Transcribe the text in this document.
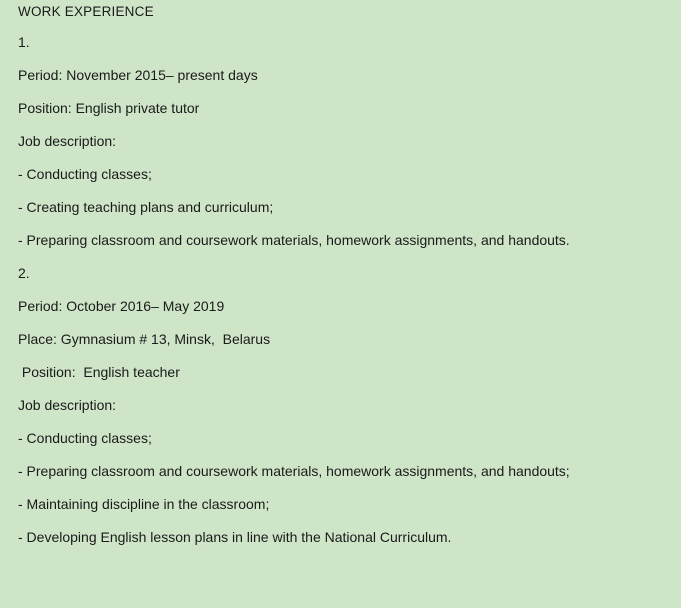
WORK EXPERIENCE
1.
Period: November 2015– present days
Position: English private tutor
Job description:
- Conducting classes;
- Creating teaching plans and curriculum;
- Preparing classroom and coursework materials, homework assignments, and handouts.
2.
Period: October 2016– May 2019
Place: Gymnasium # 13, Minsk,  Belarus
Position:  English teacher
Job description:
- Conducting classes;
- Preparing classroom and coursework materials, homework assignments, and handouts;
- Maintaining discipline in the classroom;
- Developing English lesson plans in line with the National Curriculum.
